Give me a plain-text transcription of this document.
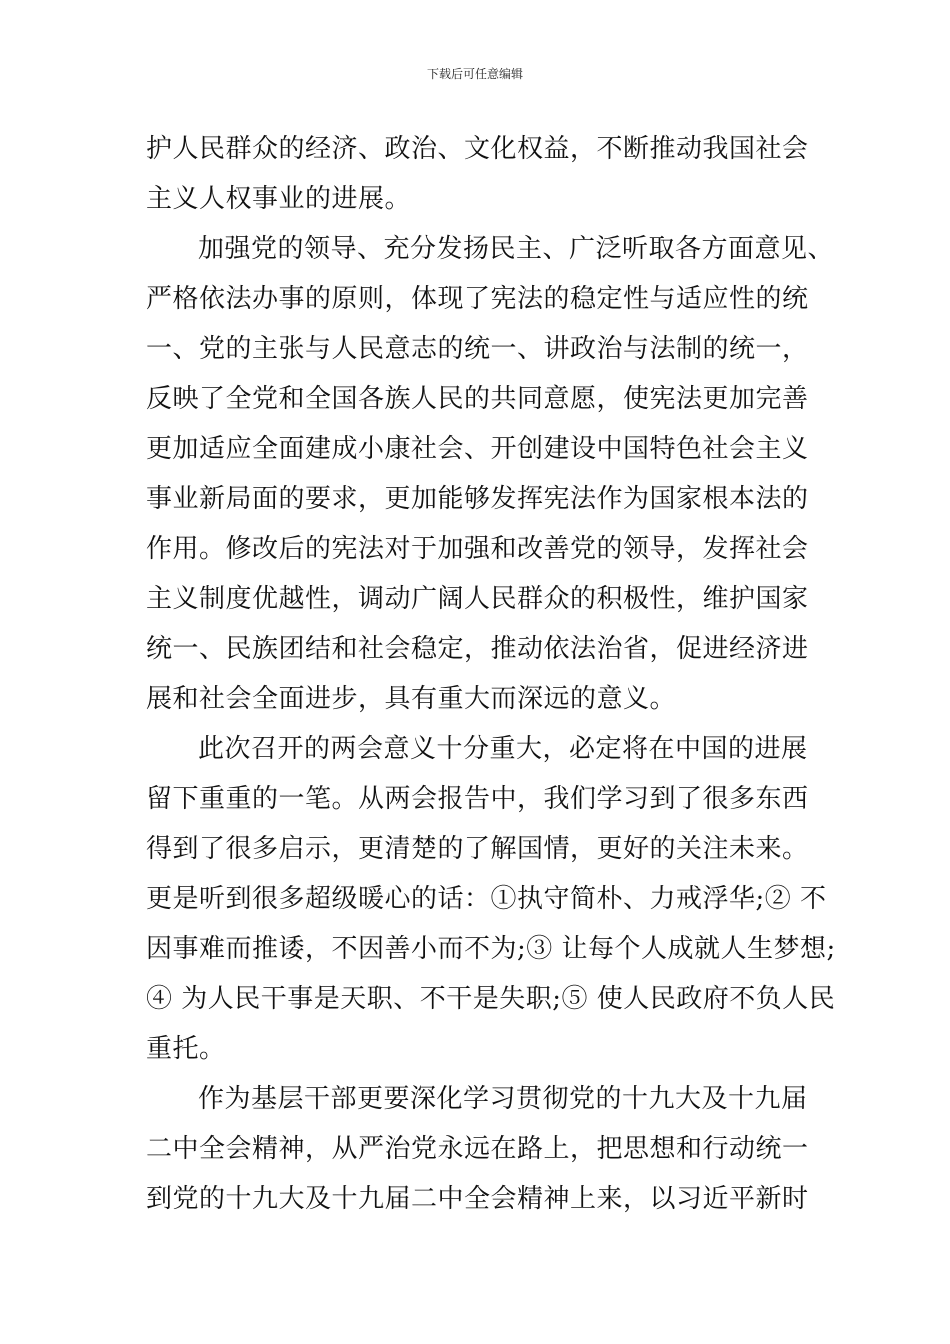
下载后可任意编辑
护人民群众的经济、政治、文化权益，不断推动我国社会
主义人权事业的进展。
加强党的领导、充分发扬民主、广泛听取各方面意见、
严格依法办事的原则，体现了宪法的稳定性与适应性的统
一、党的主张与人民意志的统一、讲政治与法制的统一，
反映了全党和全国各族人民的共同意愿，使宪法更加完善
更加适应全面建成小康社会、开创建设中国特色社会主义
事业新局面的要求，更加能够发挥宪法作为国家根本法的
作用。修改后的宪法对于加强和改善党的领导，发挥社会
主义制度优越性，调动广阔人民群众的积极性，维护国家
统一、民族团结和社会稳定，推动依法治省，促进经济进
展和社会全面进步，具有重大而深远的意义。
此次召开的两会意义十分重大，必定将在中国的进展
留下重重的一笔。从两会报告中，我们学习到了很多东西
得到了很多启示，更清楚的了解国情，更好的关注未来。
更是听到很多超级暖心的话：①执守简朴、力戒浮华;② 不
因事难而推诿，不因善小而不为;③ 让每个人成就人生梦想;
④ 为人民干事是天职、不干是失职;⑤ 使人民政府不负人民
重托。
作为基层干部更要深化学习贯彻党的十九大及十九届
二中全会精神，从严治党永远在路上，把思想和行动统一
到党的十九大及十九届二中全会精神上来，以习近平新时
